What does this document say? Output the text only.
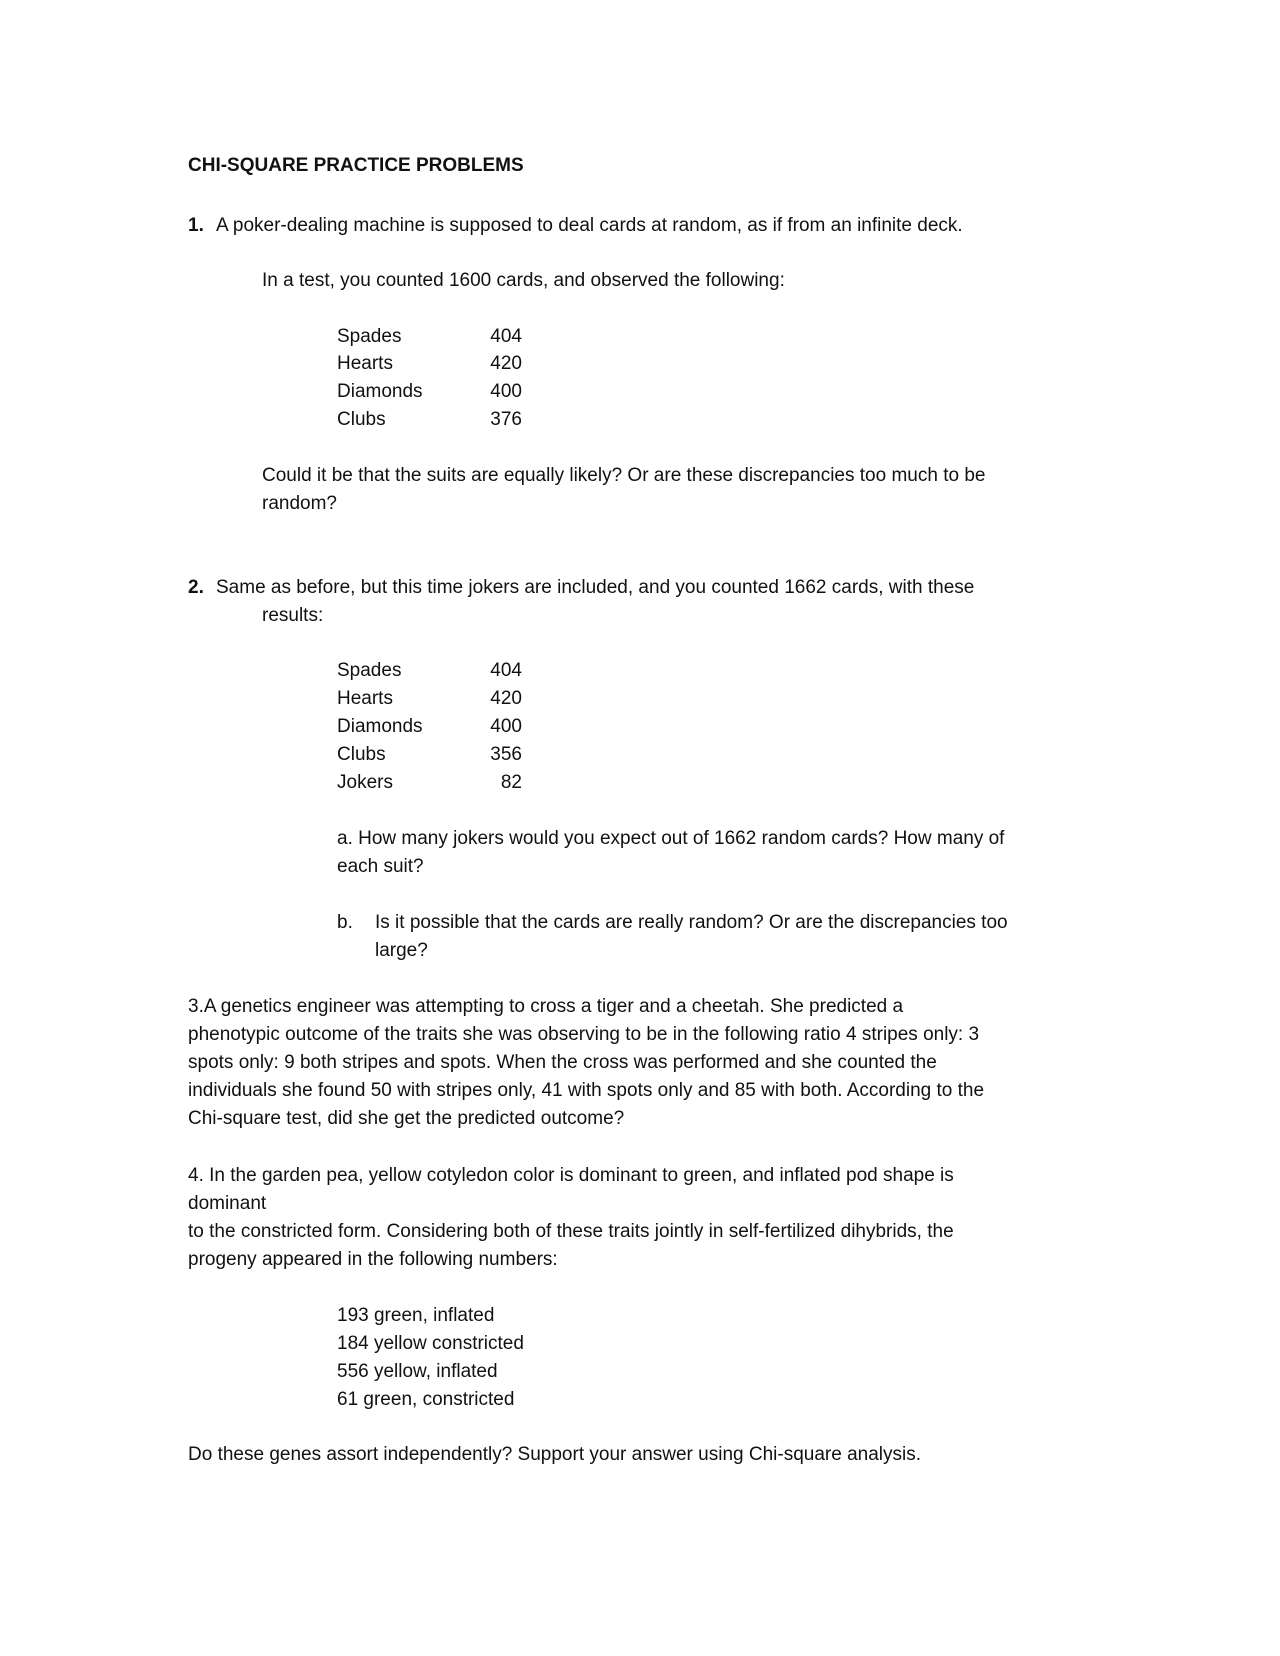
CHI-SQUARE PRACTICE PROBLEMS
1. A poker-dealing machine is supposed to deal cards at random, as if from an infinite deck.
In a test, you counted 1600 cards, and observed the following:
Spades	404
Hearts	420
Diamonds	400
Clubs	376
Could it be that the suits are equally likely? Or are these discrepancies too much to be
random?
2. Same as before, but this time jokers are included, and you counted 1662 cards, with these
results:
Spades	404
Hearts	420
Diamonds	400
Clubs	356
Jokers	82
a. How many jokers would you expect out of 1662 random cards? How many of
each suit?
b. Is it possible that the cards are really random? Or are the discrepancies too
large?
3.A genetics engineer was attempting to cross a tiger and a cheetah. She predicted a
phenotypic outcome of the traits she was observing to be in the following ratio 4 stripes only: 3
spots only: 9 both stripes and spots. When the cross was performed and she counted the
individuals she found 50 with stripes only, 41 with spots only and 85 with both. According to the
Chi-square test, did she get the predicted outcome?
4. In the garden pea, yellow cotyledon color is dominant to green, and inflated pod shape is
dominant
to the constricted form. Considering both of these traits jointly in self-fertilized dihybrids, the
progeny appeared in the following numbers:
193 green, inflated
184 yellow constricted
556 yellow, inflated
61 green, constricted
Do these genes assort independently? Support your answer using Chi-square analysis.
